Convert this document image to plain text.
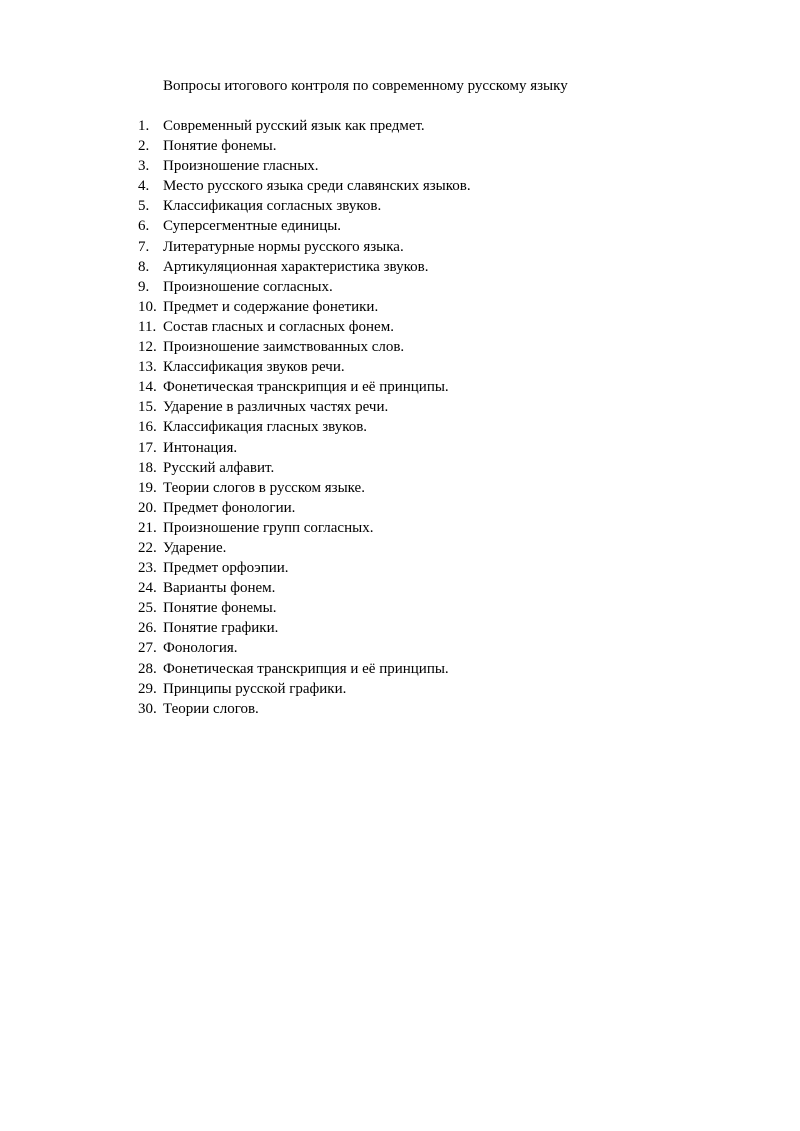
Вопросы итогового контроля по современному русскому языку
1. Современный русский язык как предмет.
2. Понятие фонемы.
3. Произношение гласных.
4. Место русского языка среди славянских языков.
5. Классификация согласных звуков.
6. Суперсегментные единицы.
7. Литературные нормы русского языка.
8. Артикуляционная характеристика звуков.
9. Произношение согласных.
10. Предмет и содержание фонетики.
11. Состав гласных и согласных фонем.
12. Произношение заимствованных слов.
13. Классификация звуков речи.
14. Фонетическая транскрипция и её принципы.
15. Ударение в различных частях речи.
16. Классификация гласных звуков.
17. Интонация.
18. Русский алфавит.
19. Теории слогов в русском языке.
20. Предмет фонологии.
21. Произношение групп согласных.
22. Ударение.
23. Предмет орфоэпии.
24. Варианты фонем.
25. Понятие фонемы.
26. Понятие графики.
27. Фонология.
28. Фонетическая транскрипция и её принципы.
29. Принципы русской графики.
30. Теории слогов.
